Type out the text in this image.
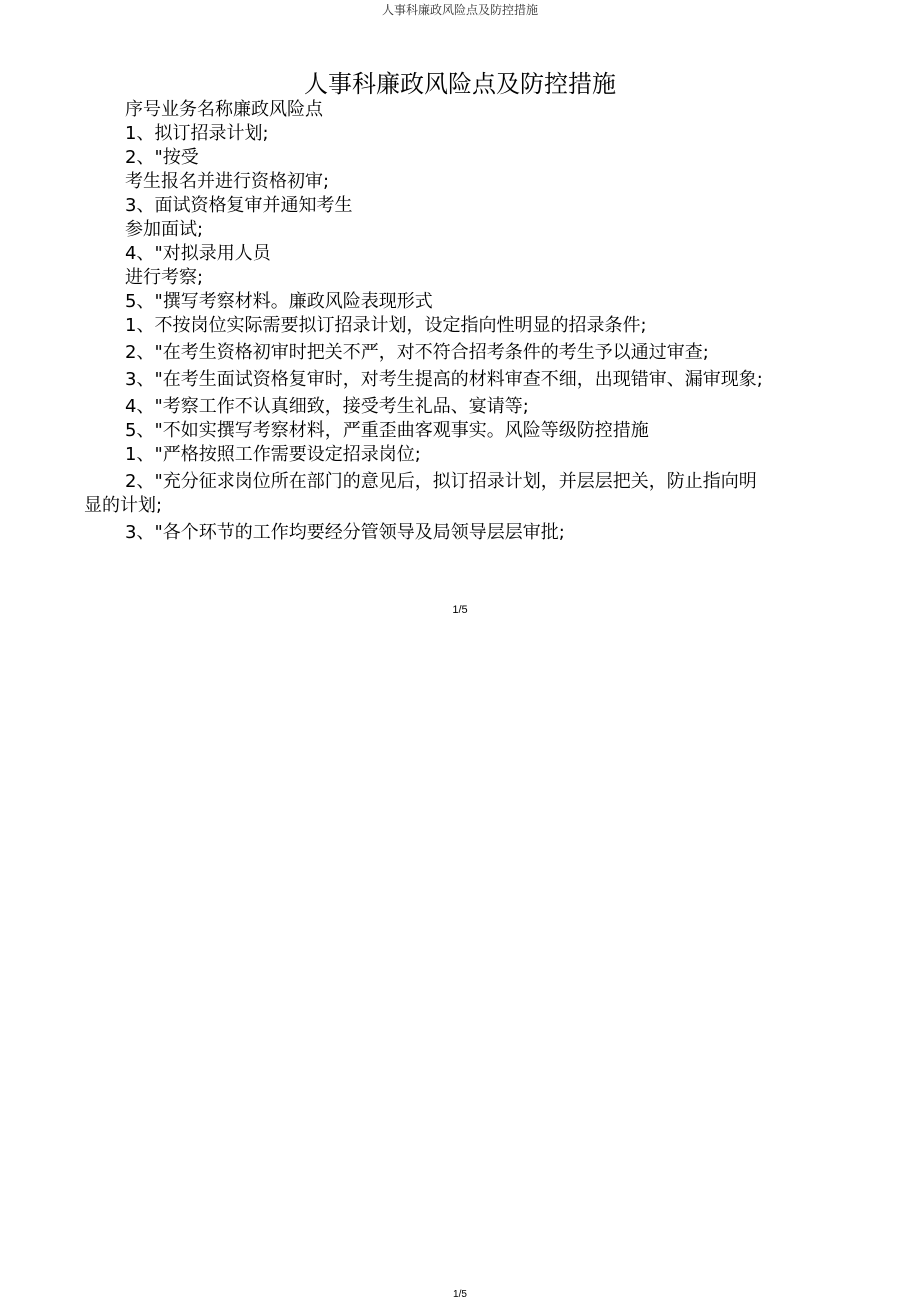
人事科廉政风险点及防控措施
人事科廉政风险点及防控措施

序号业务名称廉政风险点

1、拟订招录计划;

2、"按受

考生报名并进行资格初审;

3、面试资格复审并通知考生

参加面试;

4、"对拟录用人员

进行考察;

5、"撰写考察材料。廉政风险表现形式

1、不按岗位实际需要拟订招录计划，设定指向性明显的招录条件;

2、"在考生资格初审时把关不严，对不符合招考条件的考生予以通过审查;

3、"在考生面试资格复审时，对考生提高的材料审查不细，出现错审、漏审现象;

4、"考察工作不认真细致，接受考生礼品、宴请等;

5、"不如实撰写考察材料，严重歪曲客观事实。风险等级防控措施

1、"严格按照工作需要设定招录岗位;

2、"充分征求岗位所在部门的意见后，拟订招录计划，并层层把关，防止指向明显的计划;

3、"各个环节的工作均要经分管领导及局领导层层审批;

1/5
1/5
